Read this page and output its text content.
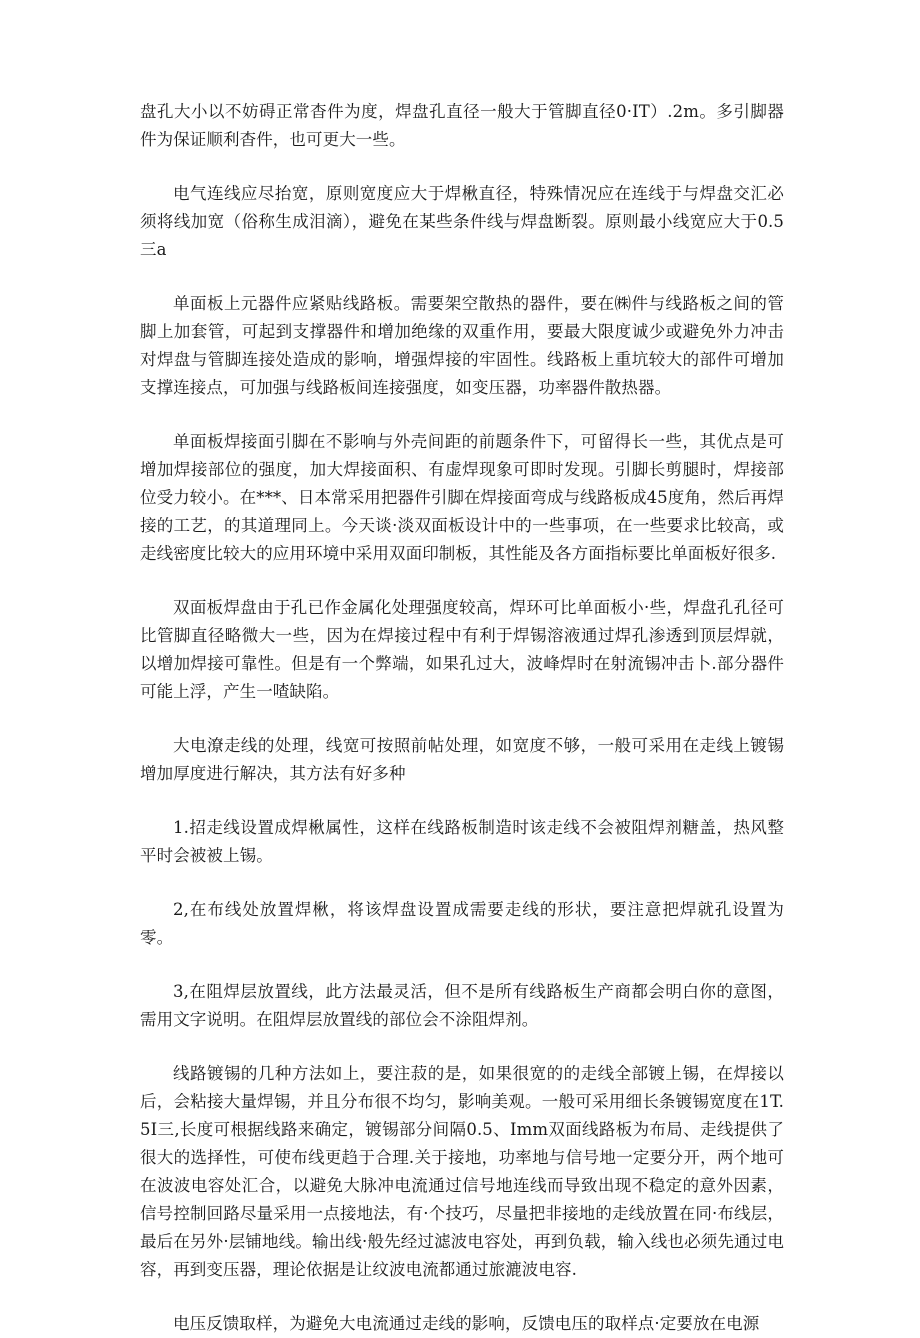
盘孔大小以不妨碍正常杳件为度，焊盘孔直径一般大于管脚直径0·IT）.2m。多引脚器件为保证顺利杳件，也可更大一些。

电气连线应尽抬宽，原则宽度应大于焊楸直径，特殊情况应在连线于与焊盘交汇必须将线加宽（俗称生成泪滴），避免在某些条件线与焊盘断裂。原则最小线宽应大于0.5三a

单面板上元器件应紧贴线路板。需要架空散热的器件，要在㈱件与线路板之间的管脚上加套管，可起到支撑器件和增加绝缘的双重作用，要最大限度诚少或避免外力冲击对焊盘与管脚连接处造成的影响，增强焊接的牢固性。线路板上重坑较大的部件可增加支撑连接点，可加强与线路板间连接强度，如变压器，功率器件散热器。

单面板焊接面引脚在不影响与外壳间距的前题条件下，可留得长一些，其优点是可增加焊接部位的强度，加大焊接面积、有虚焊现象可即时发现。引脚长剪腿时，焊接部位受力较小。在***、日本常采用把器件引脚在焊接面弯成与线路板成45度角，然后再焊接的工艺，的其道理同上。今天谈·淡双面板设计中的一些事项，在一些要求比较高，或走线密度比较大的应用环境中采用双面印制板，其性能及各方面指标要比单面板好很多.

双面板焊盘由于孔已作金属化处理强度较高，焊环可比单面板小·些，焊盘孔孔径可比管脚直径略微大一些，因为在焊接过程中有利于焊锡溶液通过焊孔渗透到顶层焊就，以增加焊接可靠性。但是有一个弊端，如果孔过大，波峰焊时在射流锡冲击卜.部分器件可能上浮，产生一喳缺陷。

大电潦走线的处理，线宽可按照前帖处理，如宽度不够，一般可采用在走线上镀锡增加厚度进行解决，其方法有好多种

1.招走线设置成焊楸属性，这样在线路板制造时该走线不会被阻焊剂糖盖，热风整平时会被被上锡。

2,在布线处放置焊楸，将该焊盘设置成需要走线的形状，要注意把焊就孔设置为零。

3,在阻焊层放置线，此方法最灵活，但不是所有线路板生产商都会明白你的意图，需用文字说明。在阻焊层放置线的部位会不涂阻焊剂。

线路镀锡的几种方法如上，要注菽的是，如果很宽的的走线全部镀上锡，在焊接以后，会粘接大量焊锡，并且分布很不均匀，影响美观。一般可采用细长条镀锡宽度在1T.5I三,长度可根据线路来确定，镀锡部分间隔0.5、Imm双面线路板为布局、走线提供了很大的选择性，可使布线更趋于合理.关于接地，功率地与信号地一定要分开，两个地可在波波电容处汇合，以避免大脉冲电流通过信号地连线而导致出现不稳定的意外因素，信号控制回路尽量采用一点接地法，有·个技巧，尽量把非接地的走线放置在同·布线层，最后在另外·层铺地线。输出线·般先经过滤波电容处，再到负载，输入线也必须先通过电容，再到变压器，理论依据是让纹波电流都通过旅漉波电容.

电压反馈取样，为避免大电流通过走线的影响，反馈电压的取样点·定要放在电源
